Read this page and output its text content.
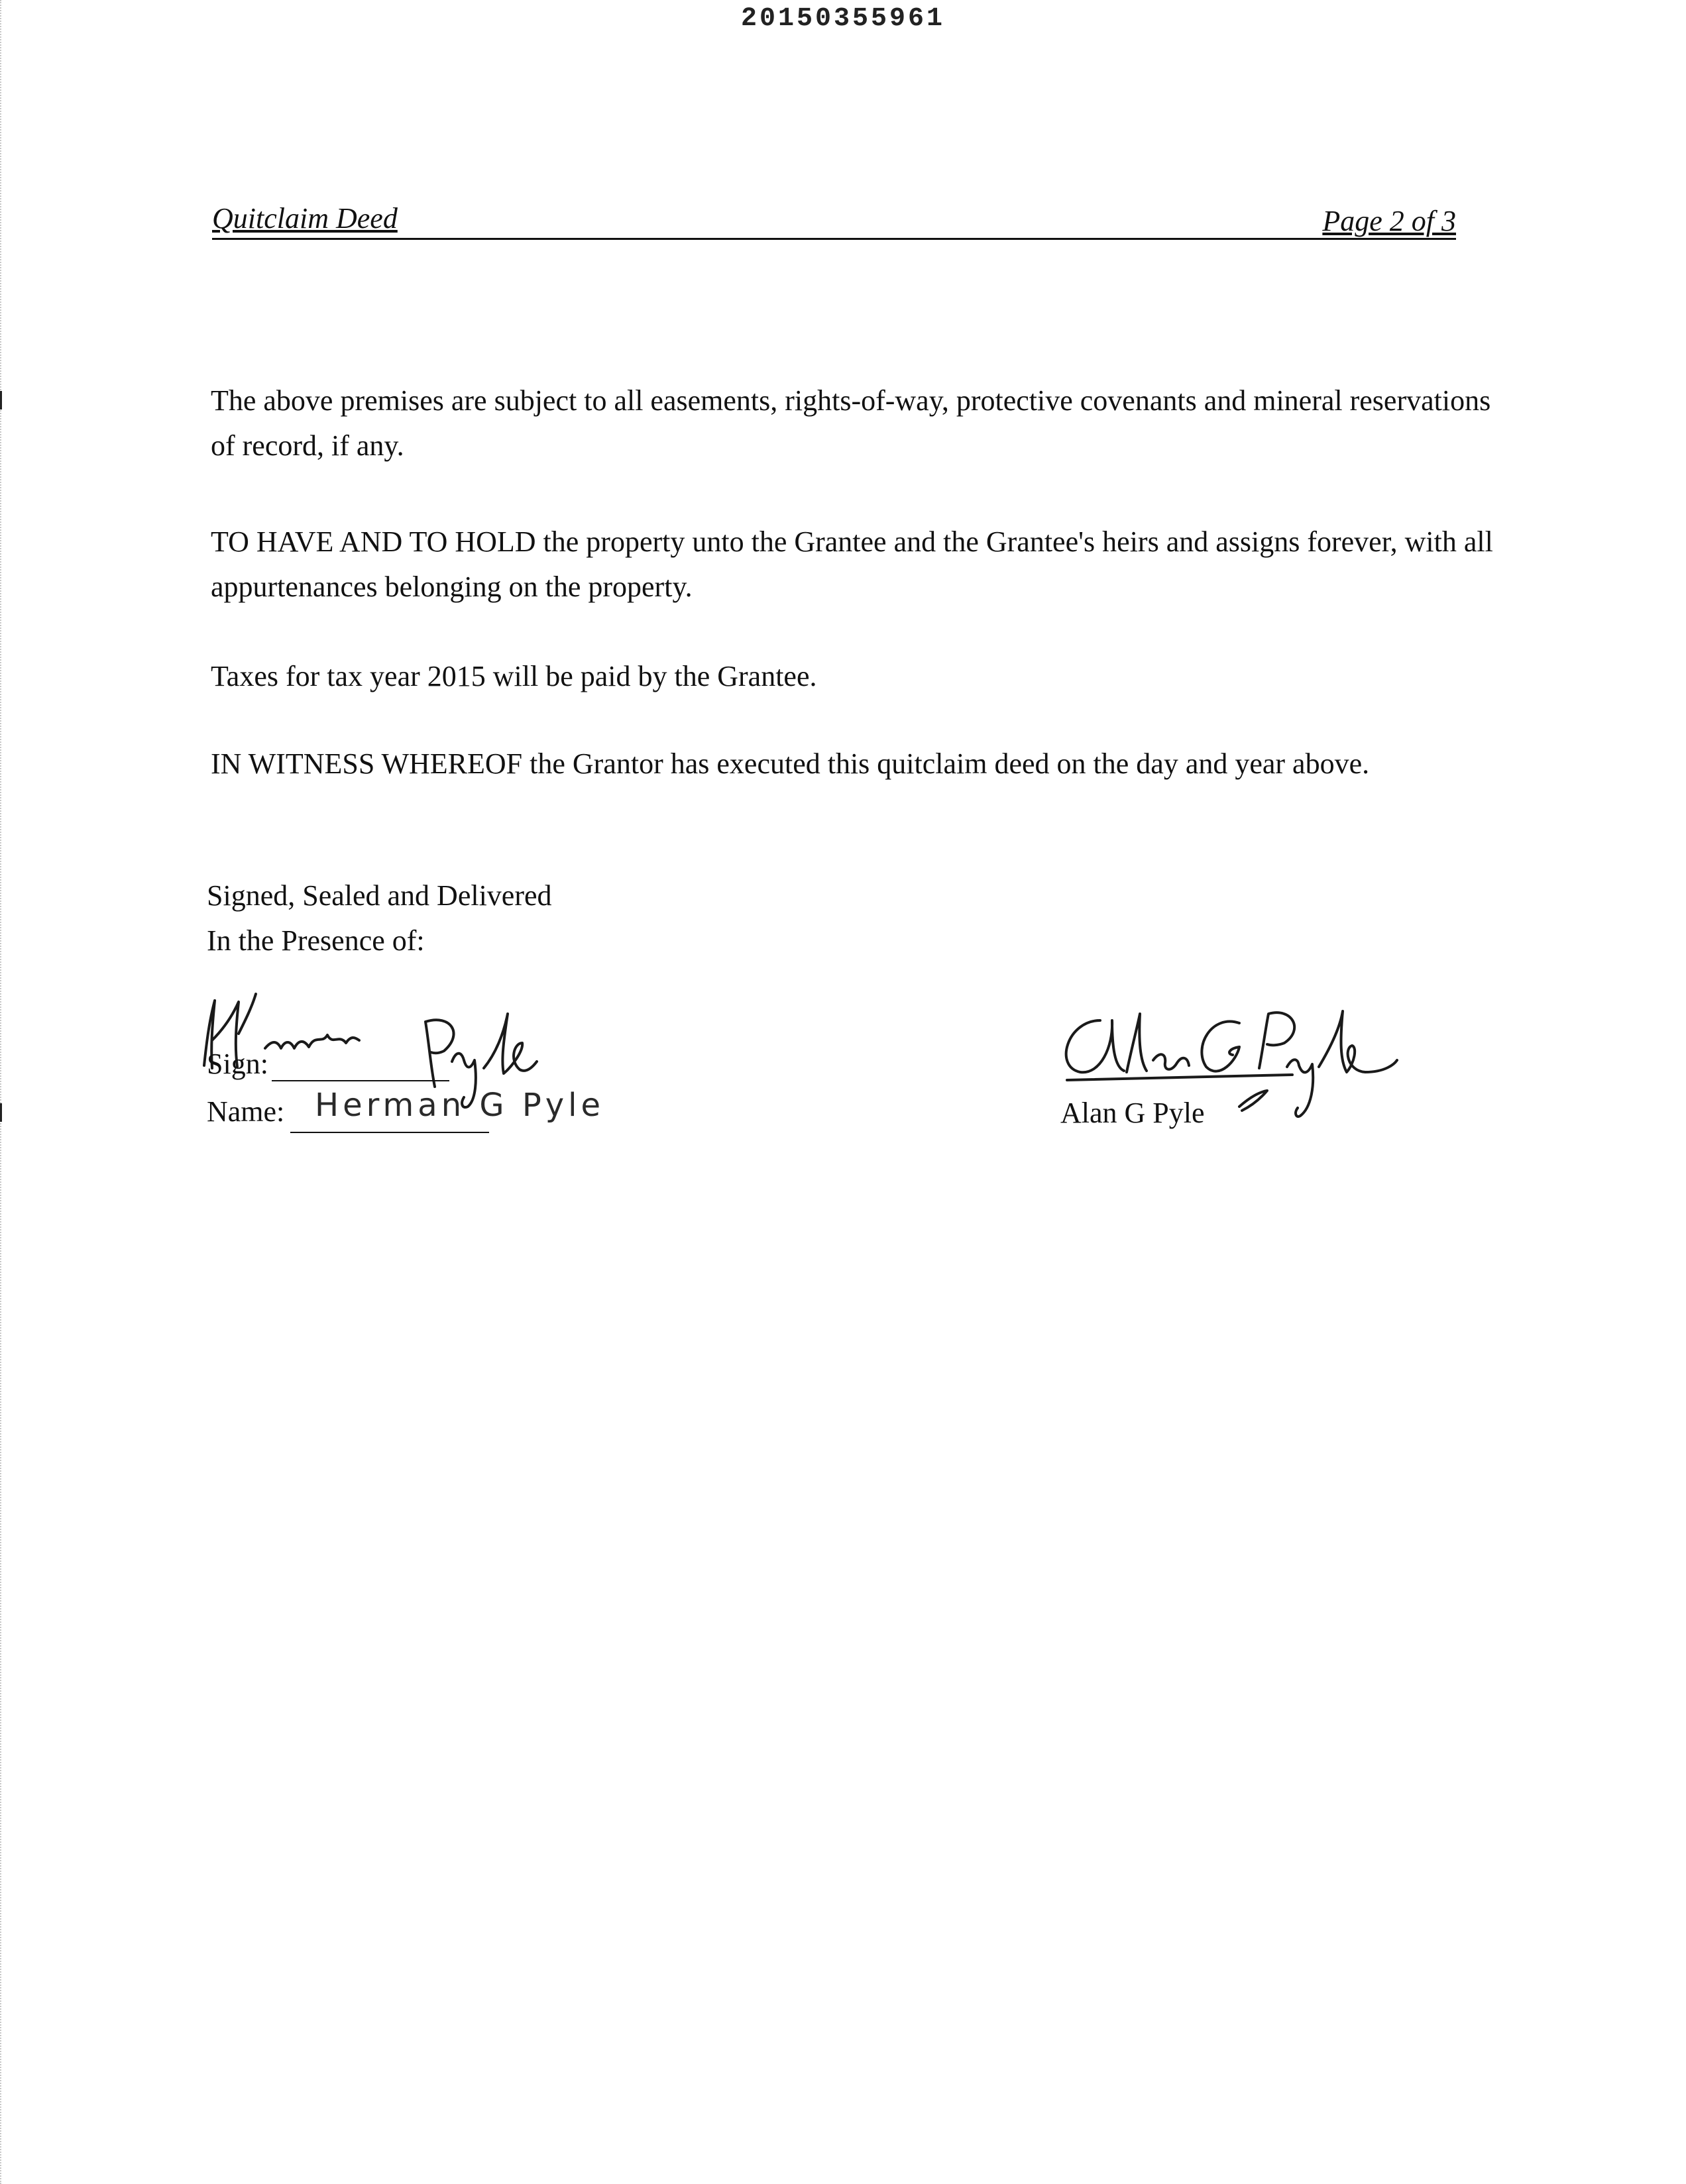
20150355961
Quitclaim Deed	Page 2 of 3

The above premises are subject to all easements, rights-of-way, protective covenants and mineral reservations of record, if any.

TO HAVE AND TO HOLD the property unto the Grantee and the Grantee's heirs and assigns forever, with all appurtenances belonging on the property.

Taxes for tax year 2015 will be paid by the Grantee.

IN WITNESS WHEREOF the Grantor has executed this quitclaim deed on the day and year above.

Signed, Sealed and Delivered
In the Presence of:
Sign:
Name: Herman G Pyle	Alan G Pyle
